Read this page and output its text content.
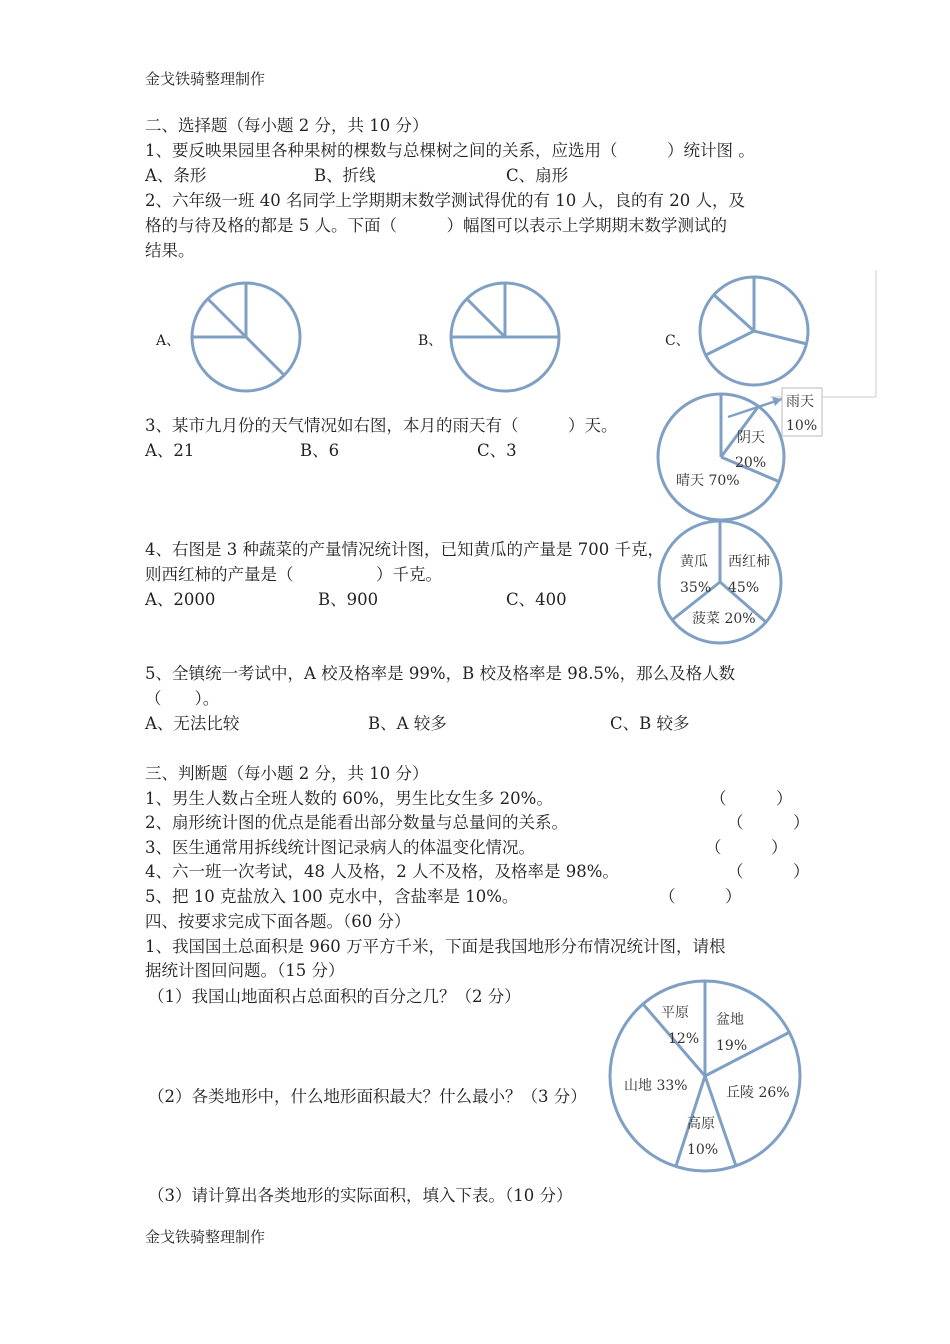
金戈铁骑整理制作
二、选择题（每小题 2 分，共 10 分）
1、要反映果园里各种果树的棵数与总棵树之间的关系，应选用（　　　）统计图 。
A、条形	B、折线	C、扇形
2、六年级一班 40 名同学上学期期末数学测试得优的有 10 人，良的有 20 人，及
格的与待及格的都是 5 人。下面（　　　）幅图可以表示上学期期末数学测试的
结果。
A、	B、	C、
3、某市九月份的天气情况如右图，本月的雨天有（　　　）天。
A、21	B、6	C、3
4、右图是 3 种蔬菜的产量情况统计图，已知黄瓜的产量是 700 千克，
则西红柿的产量是（　　　　　）千克。
A、2000	B、900	C、400
5、全镇统一考试中，A 校及格率是 99%，B 校及格率是 98.5%，那么及格人数
（　　）。
A、无法比较	B、A 较多	C、B 较多
三、判断题（每小题 2 分，共 10 分）
1、男生人数占全班人数的 60%，男生比女生多 20%。	（　　　）
2、扇形统计图的优点是能看出部分数量与总量间的关系。	（　　　）
3、医生通常用拆线统计图记录病人的体温变化情况。	（　　　）
4、六一班一次考试，48 人及格，2 人不及格，及格率是 98%。	（　　　）
5、把 10 克盐放入 100 克水中，含盐率是 10%。	（　　　）
四、按要求完成下面各题。（60 分）
1、我国国土总面积是 960 万平方千米，下面是我国地形分布情况统计图，请根
据统计图回问题。（15 分）
（1）我国山地面积占总面积的百分之几？（2 分）
（2）各类地形中，什么地形面积最大？什么最小？（3 分）
（3）请计算出各类地形的实际面积，填入下表。（10 分）
金戈铁骑整理制作
雨天
10%
阴天
20%
晴天 70%
黄瓜
35%
西红柿
45%
菠菜 20%
平原
12%
盆地
19%
丘陵 26%
山地 33%
高原
10%
